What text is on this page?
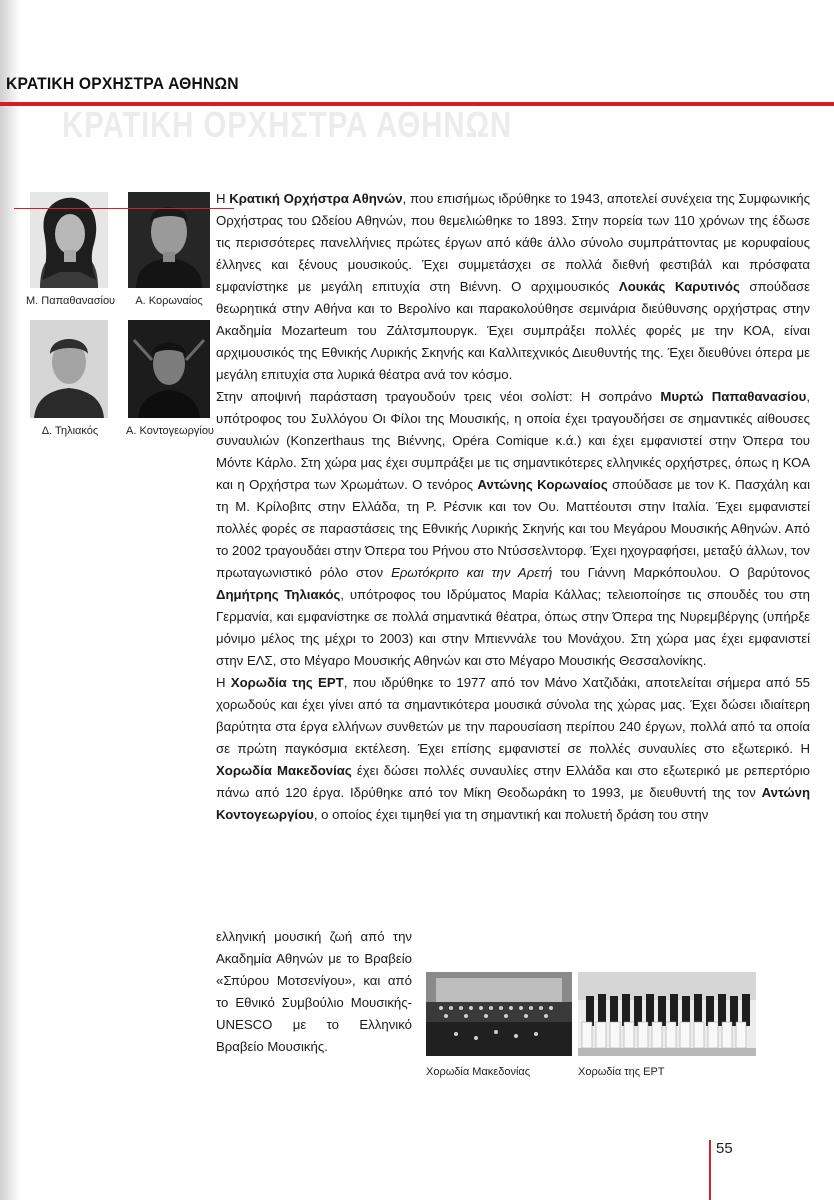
ΚΡΑΤΙΚΗ ΟΡΧΗΣΤΡΑ ΑΘΗΝΩΝ
ΚΡΑΤΙΚΗ ΟΡΧΗΣΤΡΑ ΑΘΗΝΩΝ
Μ. Παπαθανασίου	Α. Κορωναίος
Δ. Τηλιακός	Α. Κοντογεωργίου

Η Κρατική Ορχήστρα Αθηνών, που επισήμως ιδρύθηκε το 1943, αποτελεί συνέχεια της Συμφωνικής Ορχήστρας του Ωδείου Αθηνών, που θεμελιώθηκε το 1893. Στην πορεία των 110 χρόνων της έδωσε τις περισσότερες πανελλήνιες πρώτες έργων από κάθε άλλο σύνολο συμπράττοντας με κορυφαίους έλληνες και ξένους μουσικούς. Έχει συμμετάσχει σε πολλά διεθνή φεστιβάλ και πρόσφατα εμφανίστηκε με μεγάλη επιτυχία στη Βιέννη. Ο αρχιμουσικός Λουκάς Καρυτινός σπούδασε θεωρητικά στην Αθήνα και το Βερολίνο και παρακολούθησε σεμινάρια διεύθυνσης ορχήστρας στην Ακαδημία Mozarteum του Ζάλτσμπουργκ. Έχει συμπράξει πολλές φορές με την ΚΟΑ, είναι αρχιμουσικός της Εθνικής Λυρικής Σκηνής και Καλλιτεχνικός Διευθυντής της. Έχει διευθύνει όπερα με μεγάλη επιτυχία στα λυρικά θέατρα ανά τον κόσμο.

Στην αποψινή παράσταση τραγουδούν τρεις νέοι σολίστ: Η σοπράνο Μυρτώ Παπαθανασίου, υπότροφος του Συλλόγου Οι Φίλοι της Μουσικής, η οποία έχει τραγουδήσει σε σημαντικές αίθουσες συναυλιών (Konzerthaus της Βιέννης, Opéra Comique κ.ά.) και έχει εμφανιστεί στην Όπερα του Μόντε Κάρλο. Στη χώρα μας έχει συμπράξει με τις σημαντικότερες ελληνικές ορχήστρες, όπως η ΚΟΑ και η Ορχήστρα των Χρωμάτων. Ο τενόρος Αντώνης Κορωναίος σπούδασε με τον Κ. Πασχάλη και τη Μ. Κρίλοβιτς στην Ελλάδα, τη Ρ. Ρέσνικ και τον Ου. Ματτέουτσι στην Ιταλία. Έχει εμφανιστεί πολλές φορές σε παραστάσεις της Εθνικής Λυρικής Σκηνής και του Μεγάρου Μουσικής Αθηνών. Από το 2002 τραγουδάει στην Όπερα του Ρήνου στο Ντύσσελντορφ. Έχει ηχογραφήσει, μεταξύ άλλων, τον πρωταγωνιστικό ρόλο στον Ερωτόκριτο και την Αρετή του Γιάννη Μαρκόπουλου. Ο βαρύτονος Δημήτρης Τηλιακός, υπότροφος του Ιδρύματος Μαρία Κάλλας; τελειοποίησε τις σπουδές του στη Γερμανία, και εμφανίστηκε σε πολλά σημαντικά θέατρα, όπως στην Όπερα της Νυρεμβέργης (υπήρξε μόνιμο μέλος της μέχρι το 2003) και στην Μπιεννάλε του Μονάχου. Στη χώρα μας έχει εμφανιστεί στην ΕΛΣ, στο Μέγαρο Μουσικής Αθηνών και στο Μέγαρο Μουσικής Θεσσαλονίκης.

Η Χορωδία της ΕΡΤ, που ιδρύθηκε το 1977 από τον Μάνο Χατζιδάκι, αποτελείται σήμερα από 55 χορωδούς και έχει γίνει από τα σημαντικότερα μουσικά σύνολα της χώρας μας. Έχει δώσει ιδιαίτερη βαρύτητα στα έργα ελλήνων συνθετών με την παρουσίαση περίπου 240 έργων, πολλά από τα οποία σε πρώτη παγκόσμια εκτέλεση. Έχει επίσης εμφανιστεί σε πολλές συναυλίες στο εξωτερικό. Η Χορωδία Μακεδονίας έχει δώσει πολλές συναυλίες στην Ελλάδα και στο εξωτερικό με ρεπερτόριο πάνω από 120 έργα. Ιδρύθηκε από τον Μίκη Θεοδωράκη το 1993, με διευθυντή της τον Αντώνη Κοντογεωργίου, ο οποίος έχει τιμηθεί για τη σημαντική και πολυετή δράση του στην

ελληνική μουσική ζωή από την Ακαδημία Αθηνών με το Βραβείο «Σπύρου Μοτσενίγου», και από το Εθνικό Συμβούλιο Μουσικής-UNESCO με το Ελληνικό Βραβείο Μουσικής.

Χορωδία Μακεδονίας	Χορωδία της ΕΡΤ
55
